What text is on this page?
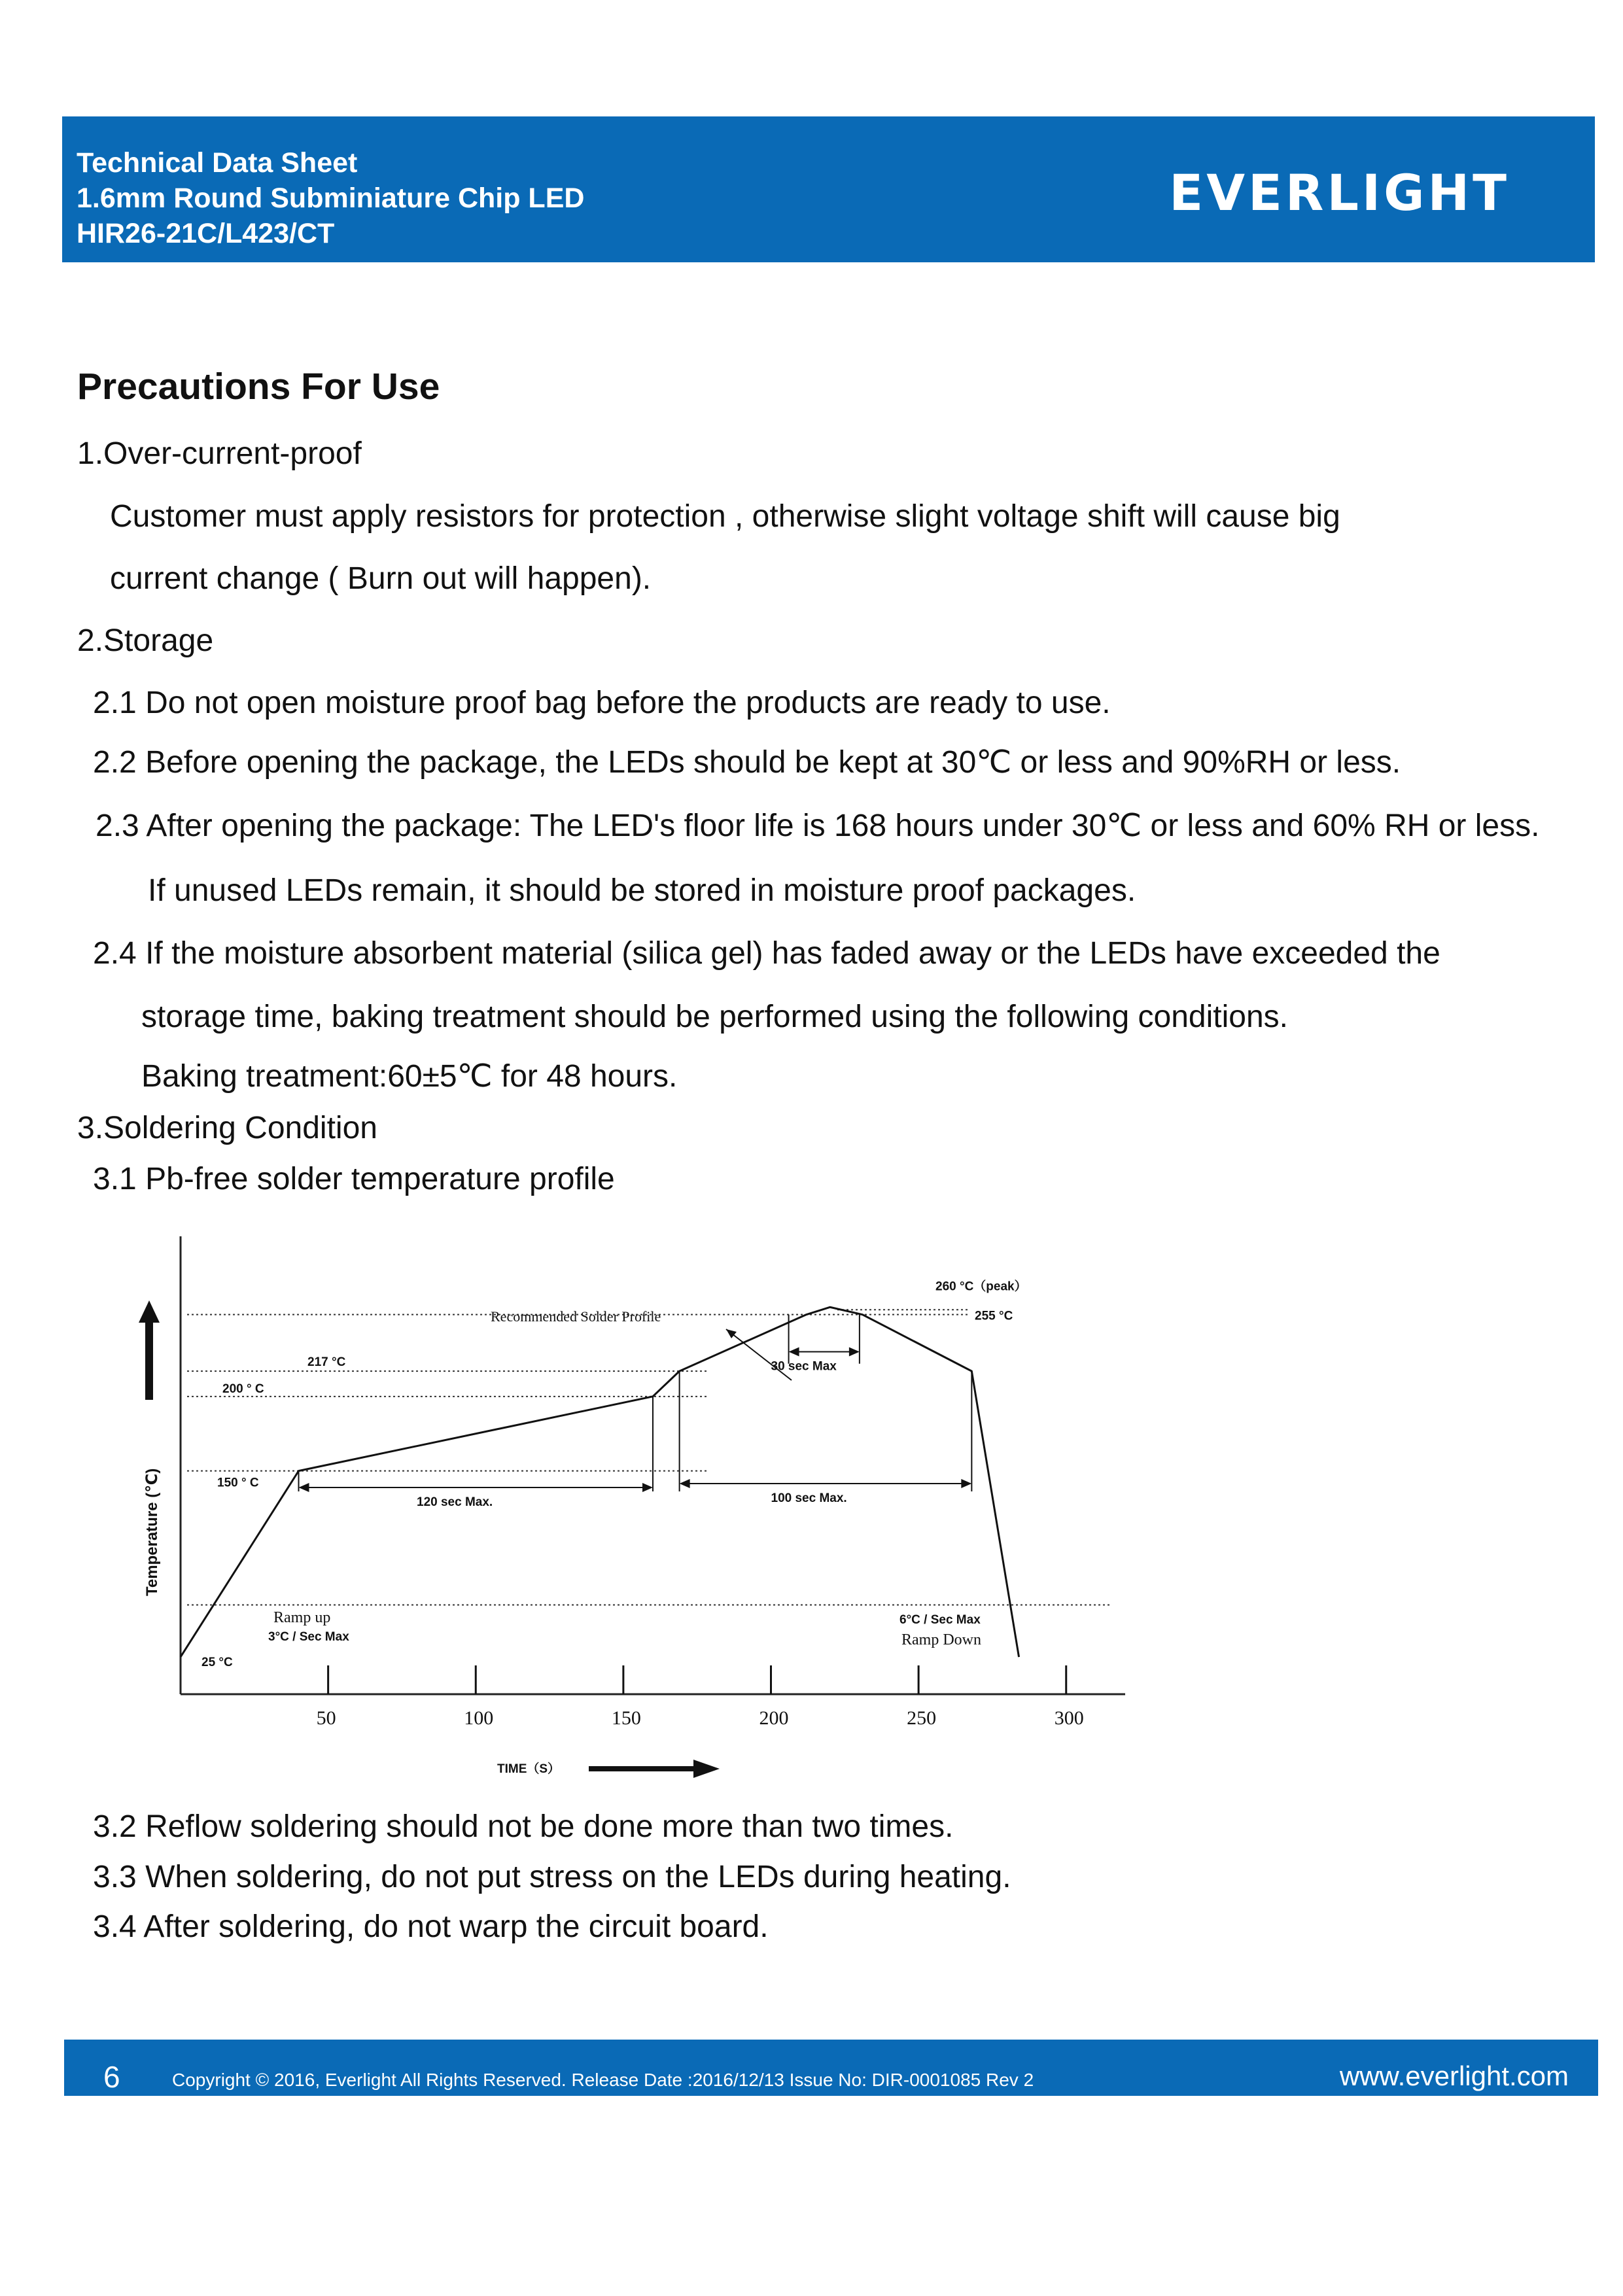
Technical Data Sheet
1.6mm Round Subminiature Chip LED
HIR26-21C/L423/CT
EVERLIGHT
Precautions For Use
1.Over-current-proof
Customer must apply resistors for protection , otherwise slight voltage shift will cause big
current change ( Burn out will happen).
2.Storage
2.1 Do not open moisture proof bag before the products are ready to use.
2.2 Before opening the package, the LEDs should be kept at 30℃ or less and 90%RH or less.
2.3 After opening the package: The LED's floor life is 168 hours under 30℃ or less and 60% RH or less.
If unused LEDs remain, it should be stored in moisture proof packages.
2.4 If the moisture absorbent material (silica gel) has faded away or the LEDs have exceeded the
storage time, baking treatment should be performed using the following conditions.
Baking treatment:60±5℃ for 48 hours.
3.Soldering Condition
3.1 Pb-free solder temperature profile
Temperature (℃)
255 °C
217 °C
200 ° C
150 ° C
25 °C
260 °C（peak）
120 sec Max.	100 sec Max.
30 sec Max
Recommended Solder Profile
Ramp up
3°C / Sec Max
6°C / Sec Max
Ramp Down
50	100	150	200	250	300
TIME（S）
3.2 Reflow soldering should not be done more than two times.
3.3 When soldering, do not put stress on the LEDs during heating.
3.4 After soldering, do not warp the circuit board.
6	Copyright © 2016, Everlight All Rights Reserved. Release Date :2016/12/13 Issue No: DIR-0001085 Rev 2	www.everlight.com
